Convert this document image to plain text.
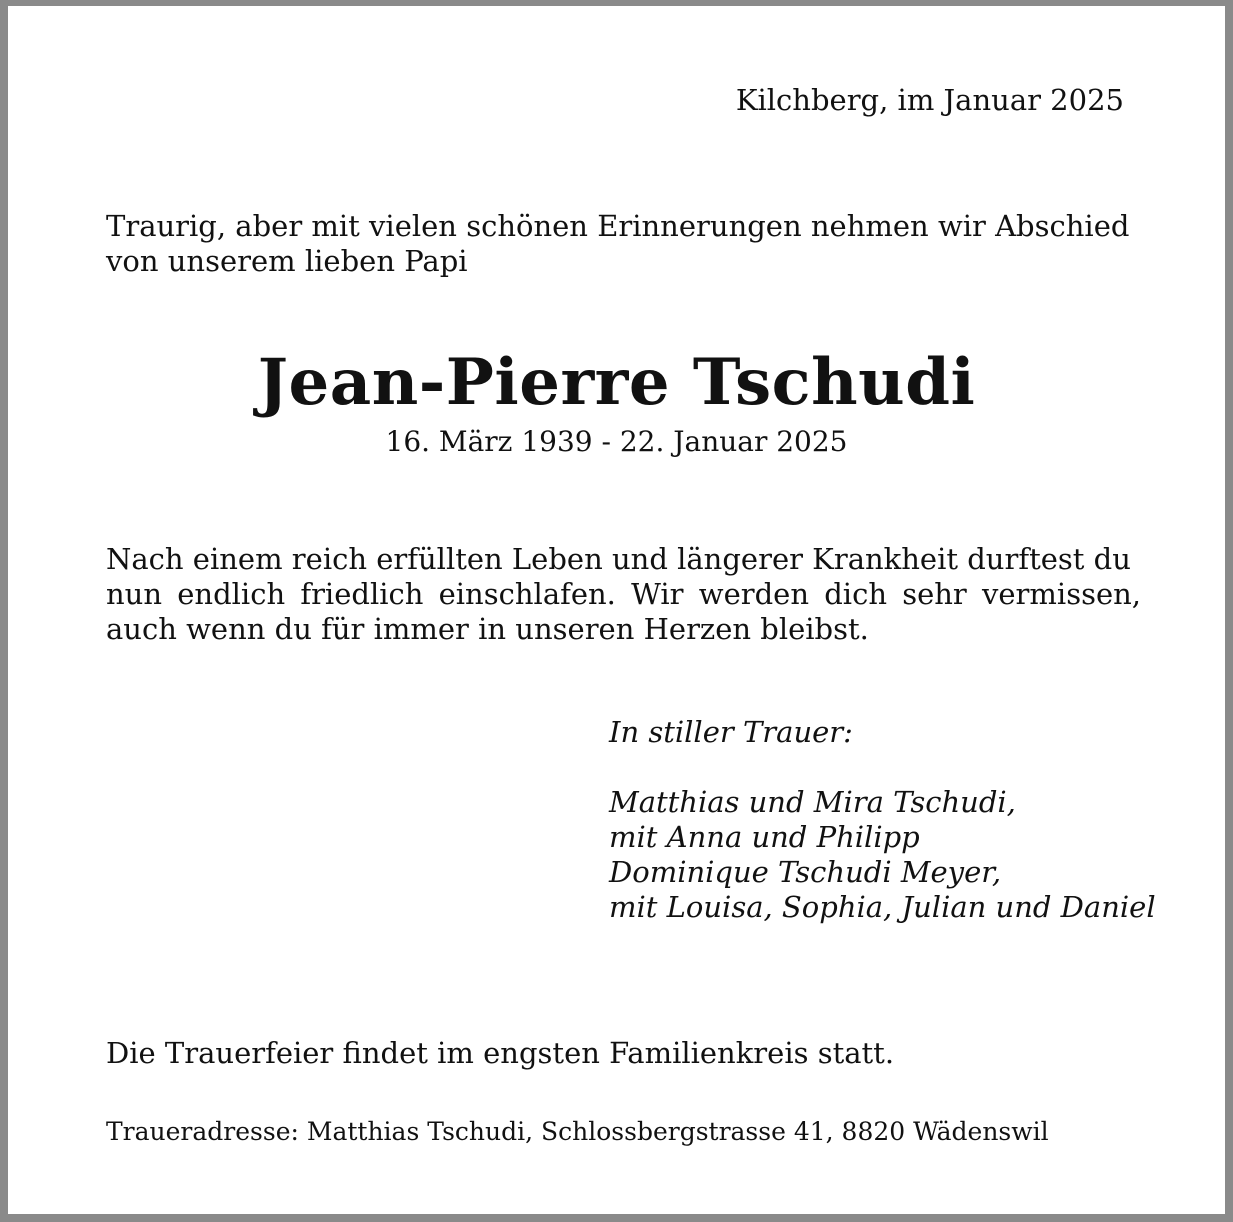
Kilchberg, im Januar 2025
Traurig, aber mit vielen schönen Erinnerungen nehmen wir Abschied
von unserem lieben Papi
Jean-Pierre Tschudi
16. März 1939 - 22. Januar 2025
Nach einem reich erfüllten Leben und längerer Krankheit durftest du
nun endlich friedlich einschlafen. Wir werden dich sehr vermissen,
auch wenn du für immer in unseren Herzen bleibst.
In stiller Trauer:
Matthias und Mira Tschudi,
mit Anna und Philipp
Dominique Tschudi Meyer,
mit Louisa, Sophia, Julian und Daniel
Die Trauerfeier findet im engsten Familienkreis statt.
Traueradresse: Matthias Tschudi, Schlossbergstrasse 41, 8820 Wädenswil
